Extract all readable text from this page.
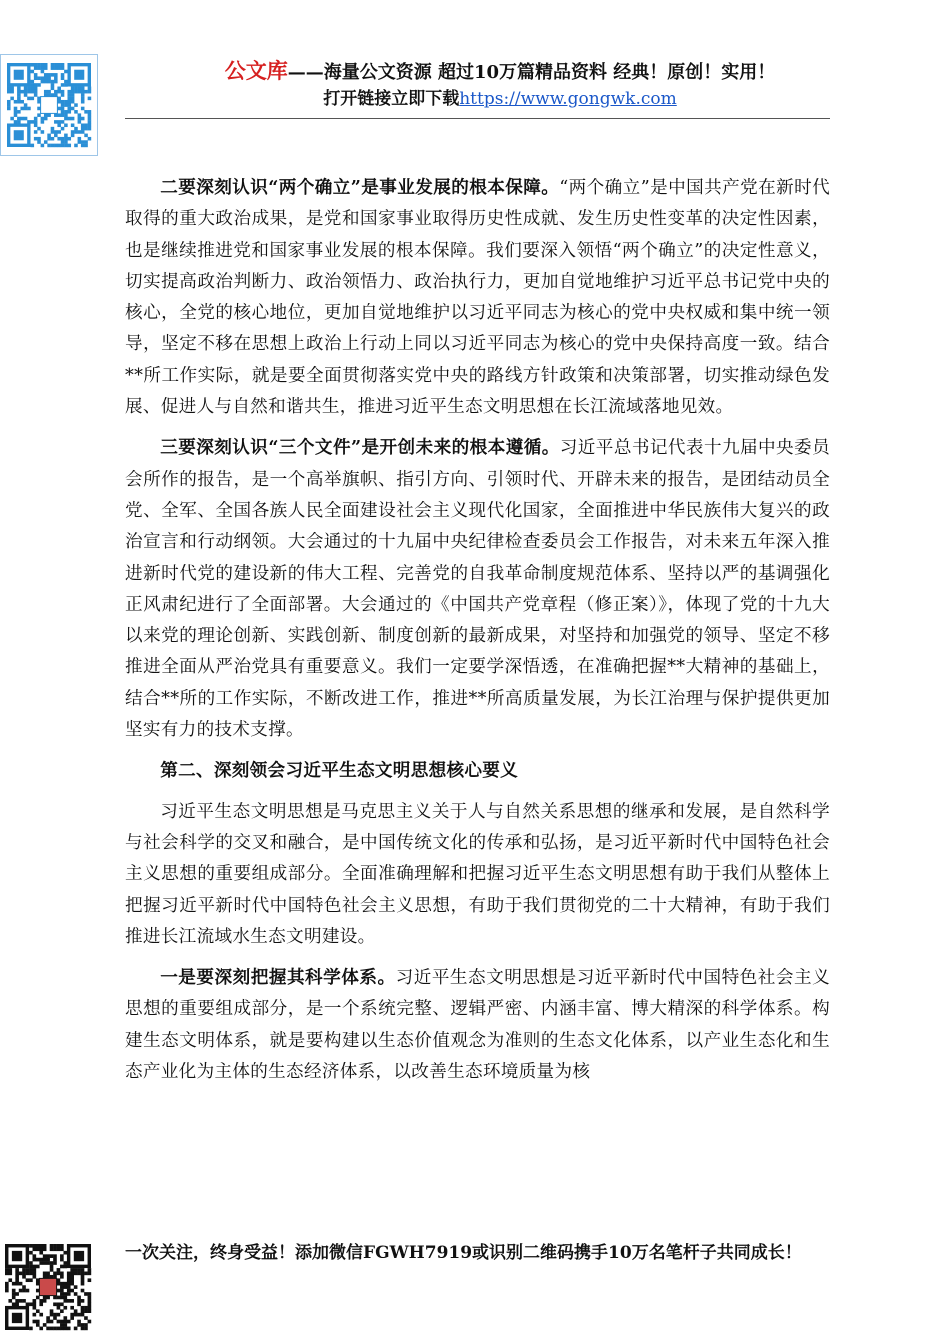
公文库——海量公文资源 超过10万篇精品资料 经典！原创！实用！
打开链接立即下载https://www.gongwk.com

二要深刻认识“两个确立”是事业发展的根本保障。“两个确立”是中国共产党在新时代取得的重大政治成果，是党和国家事业取得历史性成就、发生历史性变革的决定性因素，也是继续推进党和国家事业发展的根本保障。我们要深入领悟“两个确立”的决定性意义，切实提高政治判断力、政治领悟力、政治执行力，更加自觉地维护习近平总书记党中央的核心，全党的核心地位，更加自觉地维护以习近平同志为核心的党中央权威和集中统一领导，坚定不移在思想上政治上行动上同以习近平同志为核心的党中央保持高度一致。结合**所工作实际，就是要全面贯彻落实党中央的路线方针政策和决策部署，切实推动绿色发展、促进人与自然和谐共生，推进习近平生态文明思想在长江流域落地见效。

三要深刻认识“三个文件”是开创未来的根本遵循。习近平总书记代表十九届中央委员会所作的报告，是一个高举旗帜、指引方向、引领时代、开辟未来的报告，是团结动员全党、全军、全国各族人民全面建设社会主义现代化国家，全面推进中华民族伟大复兴的政治宣言和行动纲领。大会通过的十九届中央纪律检查委员会工作报告，对未来五年深入推进新时代党的建设新的伟大工程、完善党的自我革命制度规范体系、坚持以严的基调强化正风肃纪进行了全面部署。大会通过的《中国共产党章程（修正案）》，体现了党的十九大以来党的理论创新、实践创新、制度创新的最新成果，对坚持和加强党的领导、坚定不移推进全面从严治党具有重要意义。我们一定要学深悟透，在准确把握**大精神的基础上，结合**所的工作实际，不断改进工作，推进**所高质量发展，为长江治理与保护提供更加坚实有力的技术支撑。

第二、深刻领会习近平生态文明思想核心要义

习近平生态文明思想是马克思主义关于人与自然关系思想的继承和发展，是自然科学与社会科学的交叉和融合，是中国传统文化的传承和弘扬，是习近平新时代中国特色社会主义思想的重要组成部分。全面准确理解和把握习近平生态文明思想有助于我们从整体上把握习近平新时代中国特色社会主义思想，有助于我们贯彻党的二十大精神，有助于我们推进长江流域水生态文明建设。

一是要深刻把握其科学体系。习近平生态文明思想是习近平新时代中国特色社会主义思想的重要组成部分，是一个系统完整、逻辑严密、内涵丰富、博大精深的科学体系。构建生态文明体系，就是要构建以生态价值观念为准则的生态文化体系，以产业生态化和生态产业化为主体的生态经济体系，以改善生态环境质量为核

一次关注，终身受益！添加微信FGWH7919或识别二维码携手10万名笔杆子共同成长！
